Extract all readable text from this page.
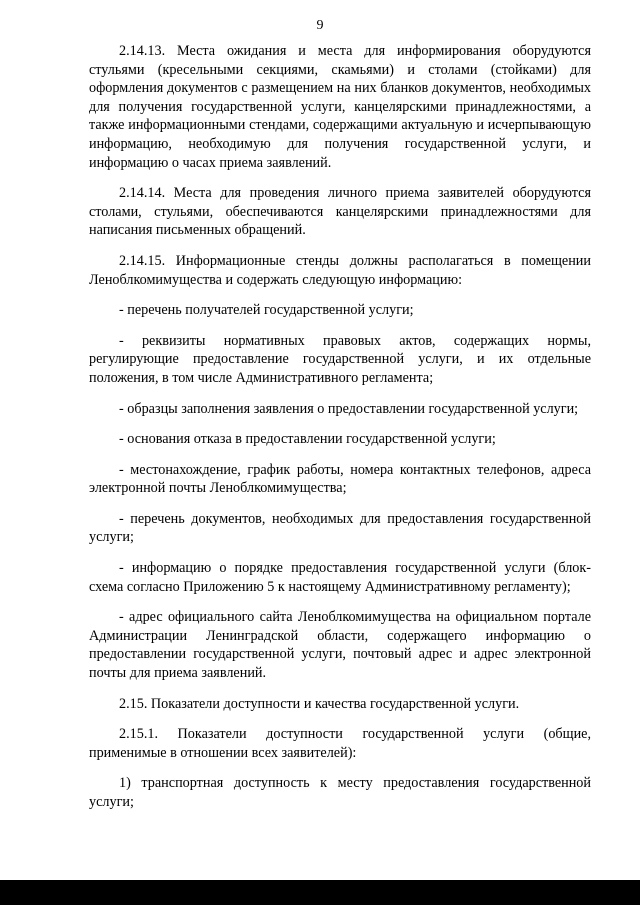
9

2.14.13. Места ожидания и места для информирования оборудуются стульями (кресельными секциями, скамьями) и столами (стойками) для оформления документов с размещением на них бланков документов, необходимых для получения государственной услуги, канцелярскими принадлежностями, а также информационными стендами, содержащими актуальную и исчерпывающую информацию, необходимую для получения государственной услуги, и информацию о часах приема заявлений.

2.14.14. Места для проведения личного приема заявителей оборудуются столами, стульями, обеспечиваются канцелярскими принадлежностями для написания письменных обращений.

2.14.15. Информационные стенды должны располагаться в помещении Леноблкомимущества и содержать следующую информацию:

- перечень получателей государственной услуги;

- реквизиты нормативных правовых актов, содержащих нормы, регулирующие предоставление государственной услуги, и их отдельные положения, в том числе Административного регламента;

- образцы заполнения заявления о предоставлении государственной услуги;

- основания отказа в предоставлении государственной услуги;

- местонахождение, график работы, номера контактных телефонов, адреса электронной почты Леноблкомимущества;

- перечень документов, необходимых для предоставления государственной услуги;

- информацию о порядке предоставления государственной услуги (блок-схема согласно Приложению 5 к настоящему Административному регламенту);

- адрес официального сайта Леноблкомимущества на официальном портале Администрации Ленинградской области, содержащего информацию о предоставлении государственной услуги, почтовый адрес и адрес электронной почты для приема заявлений.

2.15. Показатели доступности и качества государственной услуги.

2.15.1. Показатели доступности государственной услуги (общие, применимые в отношении всех заявителей):

1) транспортная доступность к месту предоставления государственной услуги;
